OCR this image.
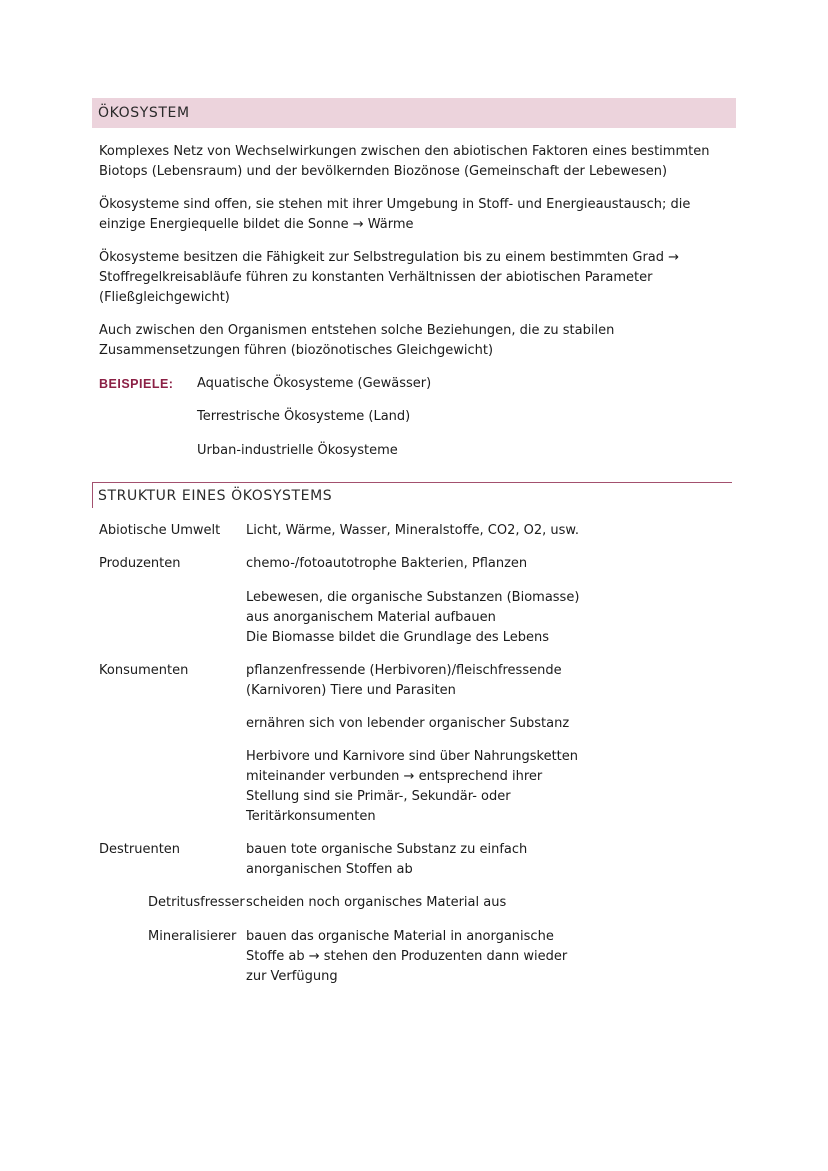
ÖKOSYSTEM

Komplexes Netz von Wechselwirkungen zwischen den abiotischen Faktoren eines bestimmten
Biotops (Lebensraum) und der bevölkernden Biozönose (Gemeinschaft der Lebewesen)

Ökosysteme sind offen, sie stehen mit ihrer Umgebung in Stoff- und Energieaustausch; die
einzige Energiequelle bildet die Sonne → Wärme

Ökosysteme besitzen die Fähigkeit zur Selbstregulation bis zu einem bestimmten Grad →
Stoffregelkreisabläufe führen zu konstanten Verhältnissen der abiotischen Parameter
(Fließgleichgewicht)

Auch zwischen den Organismen entstehen solche Beziehungen, die zu stabilen
Zusammensetzungen führen (biozönotisches Gleichgewicht)

BEISPIELE: Aquatische Ökosysteme (Gewässer)
Terrestrische Ökosysteme (Land)
Urban-industrielle Ökosysteme
STRUKTUR EINES ÖKOSYSTEMS
Abiotische Umwelt Licht, Wärme, Wasser, Mineralstoffe, CO2, O2, usw.

Produzenten	chemo-/fotoautotrophe Bakterien, Pflanzen

Lebewesen, die organische Substanzen (Biomasse)
aus anorganischem Material aufbauen
Die Biomasse bildet die Grundlage des Lebens

Konsumenten	pflanzenfressende (Herbivoren)/fleischfressende
(Karnivoren) Tiere und Parasiten

ernähren sich von lebender organischer Substanz

Herbivore und Karnivore sind über Nahrungsketten
miteinander verbunden → entsprechend ihrer
Stellung sind sie Primär-, Sekundär- oder
Teritärkonsumenten

Destruenten	bauen tote organische Substanz zu einfach
anorganischen Stoffen ab

Detritusfresser scheiden noch organisches Material aus

Mineralisierer bauen das organische Material in anorganische
Stoffe ab → stehen den Produzenten dann wieder
zur Verfügung
